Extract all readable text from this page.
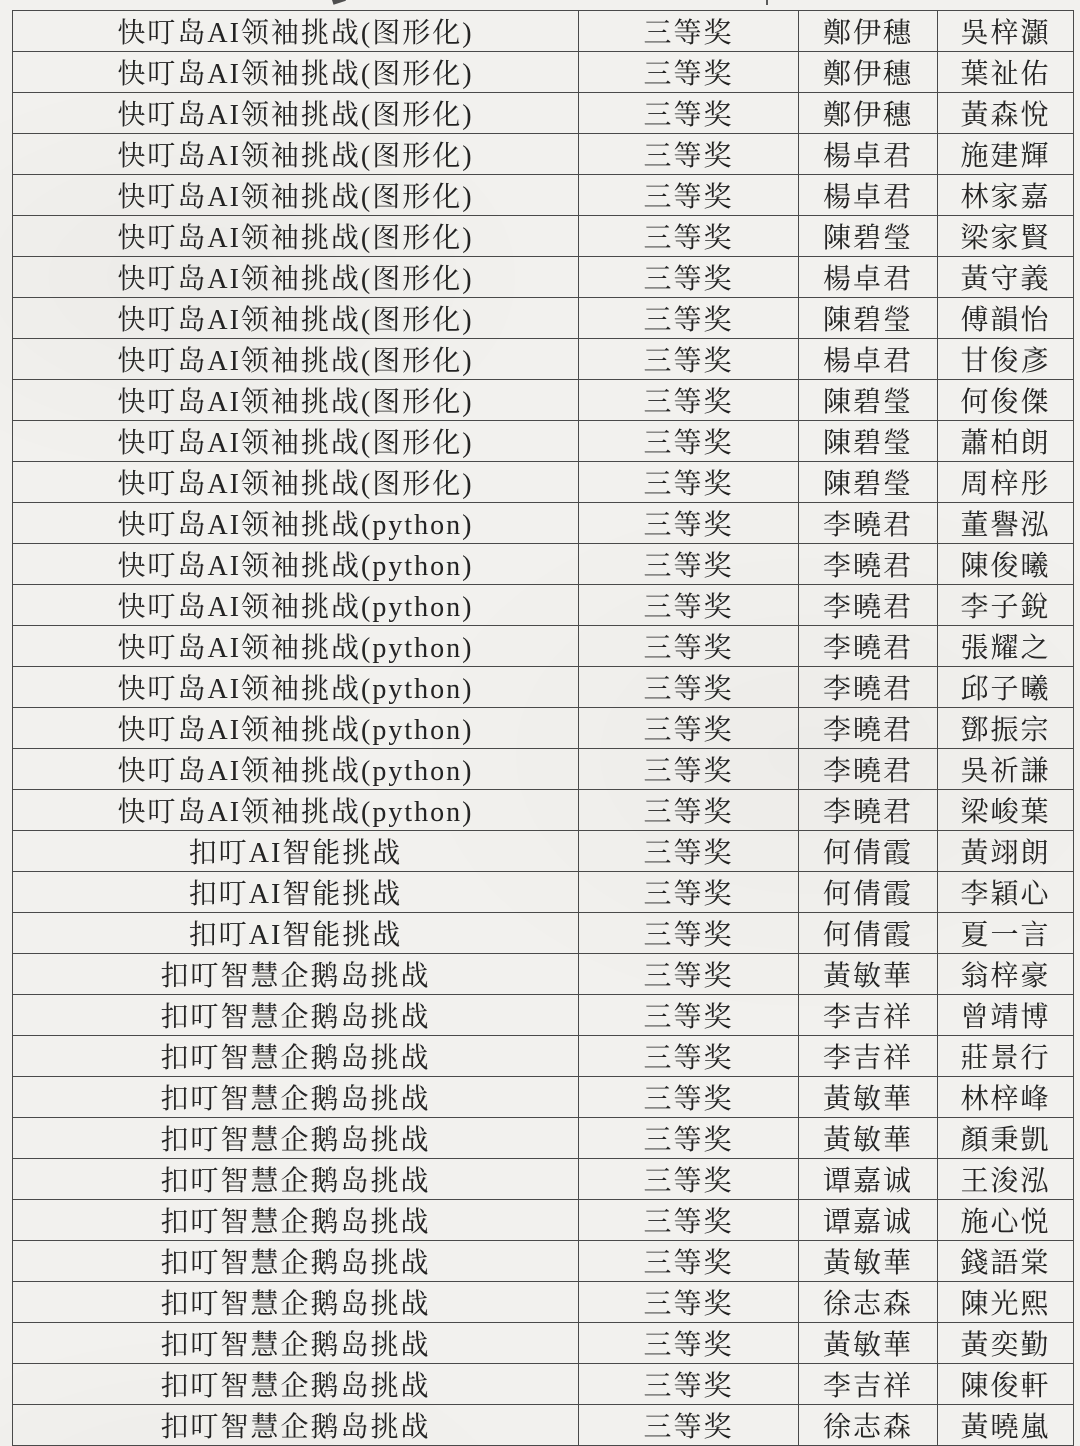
快叮岛AI领袖挑战(图形化)	三等奖	鄭伊穗	吳梓灝
快叮岛AI领袖挑战(图形化)	三等奖	鄭伊穗	葉祉佑
快叮岛AI领袖挑战(图形化)	三等奖	鄭伊穗	黃森悅
快叮岛AI领袖挑战(图形化)	三等奖	楊卓君	施建輝
快叮岛AI领袖挑战(图形化)	三等奖	楊卓君	林家嘉
快叮岛AI领袖挑战(图形化)	三等奖	陳碧瑩	梁家賢
快叮岛AI领袖挑战(图形化)	三等奖	楊卓君	黃守義
快叮岛AI领袖挑战(图形化)	三等奖	陳碧瑩	傅韻怡
快叮岛AI领袖挑战(图形化)	三等奖	楊卓君	甘俊彥
快叮岛AI领袖挑战(图形化)	三等奖	陳碧瑩	何俊傑
快叮岛AI领袖挑战(图形化)	三等奖	陳碧瑩	蕭柏朗
快叮岛AI领袖挑战(图形化)	三等奖	陳碧瑩	周梓彤
快叮岛AI领袖挑战(python)	三等奖	李曉君	董譽泓
快叮岛AI领袖挑战(python)	三等奖	李曉君	陳俊曦
快叮岛AI领袖挑战(python)	三等奖	李曉君	李子銳
快叮岛AI领袖挑战(python)	三等奖	李曉君	張耀之
快叮岛AI领袖挑战(python)	三等奖	李曉君	邱子曦
快叮岛AI领袖挑战(python)	三等奖	李曉君	鄧振宗
快叮岛AI领袖挑战(python)	三等奖	李曉君	吳祈謙
快叮岛AI领袖挑战(python)	三等奖	李曉君	梁峻葉
扣叮AI智能挑战	三等奖	何倩霞	黃翊朗
扣叮AI智能挑战	三等奖	何倩霞	李穎心
扣叮AI智能挑战	三等奖	何倩霞	夏一言
扣叮智慧企鹅岛挑战	三等奖	黃敏華	翁梓豪
扣叮智慧企鹅岛挑战	三等奖	李吉祥	曾靖博
扣叮智慧企鹅岛挑战	三等奖	李吉祥	莊景行
扣叮智慧企鹅岛挑战	三等奖	黃敏華	林梓峰
扣叮智慧企鹅岛挑战	三等奖	黃敏華	顏秉凱
扣叮智慧企鹅岛挑战	三等奖	谭嘉诚	王浚泓
扣叮智慧企鹅岛挑战	三等奖	谭嘉诚	施心悦
扣叮智慧企鹅岛挑战	三等奖	黃敏華	錢語棠
扣叮智慧企鹅岛挑战	三等奖	徐志森	陳光熙
扣叮智慧企鹅岛挑战	三等奖	黃敏華	黃奕勤
扣叮智慧企鹅岛挑战	三等奖	李吉祥	陳俊軒
扣叮智慧企鹅岛挑战	三等奖	徐志森	黃曉嵐
